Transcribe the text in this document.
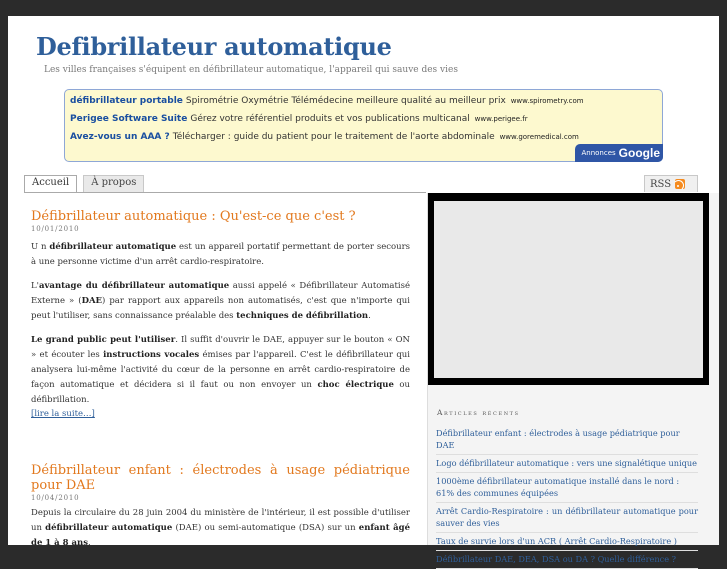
Defibrillateur automatique
Les villes françaises s'équipent en défibrillateur automatique, l'appareil qui sauve des vies
défibrillateur portable Spirométrie Oxymétrie Télémédecine meilleure qualité au meilleur prix www.spirometry.com
Perigee Software Suite Gérez votre référentiel produits et vos publications multicanal www.perigee.fr
Avez-vous un AAA ? Télécharger : guide du patient pour le traitement de l'aorte abdominale www.goremedical.com
Annonces Google
Accueil	À propos	RSS
Défibrillateur automatique : Qu'est-ce que c'est ?
10/01/2010
U n défibrillateur automatique est un appareil portatif permettant de porter secours à une personne victime d'un arrêt cardio-respiratoire.
L'avantage du défibrillateur automatique aussi appelé « Défibrillateur Automatisé Externe » (DAE) par rapport aux appareils non automatisés, c'est que n'importe qui peut l'utiliser, sans connaissance préalable des techniques de défibrillation.
Le grand public peut l'utiliser. Il suffit d'ouvrir le DAE, appuyer sur le bouton « ON » et écouter les instructions vocales émises par l'appareil. C'est le défibrillateur qui analysera lui-même l'activité du cœur de la personne en arrêt cardio-respiratoire de façon automatique et décidera si il faut ou non envoyer un choc électrique ou défibrillation.
[lire la suite…]
Défibrillateur enfant : électrodes à usage pédiatrique pour DAE
10/04/2010
Depuis la circulaire du 28 juin 2004 du ministère de l'intérieur, il est possible d'utiliser un défibrillateur automatique (DAE) ou semi-automatique (DSA) sur un enfant âgé de 1 à 8 ans.
Articles récents
Défibrillateur enfant : électrodes à usage pédiatrique pour DAE
Logo défibrillateur automatique : vers une signalétique unique
1000ème défibrillateur automatique installé dans le nord : 61% des communes équipées
Arrêt Cardio-Respiratoire : un défibrillateur automatique pour sauver des vies
Taux de survie lors d'un ACR ( Arrêt Cardio-Respiratoire )
Défibrillateur DAE, DEA, DSA ou DA ? Quelle différence ?
